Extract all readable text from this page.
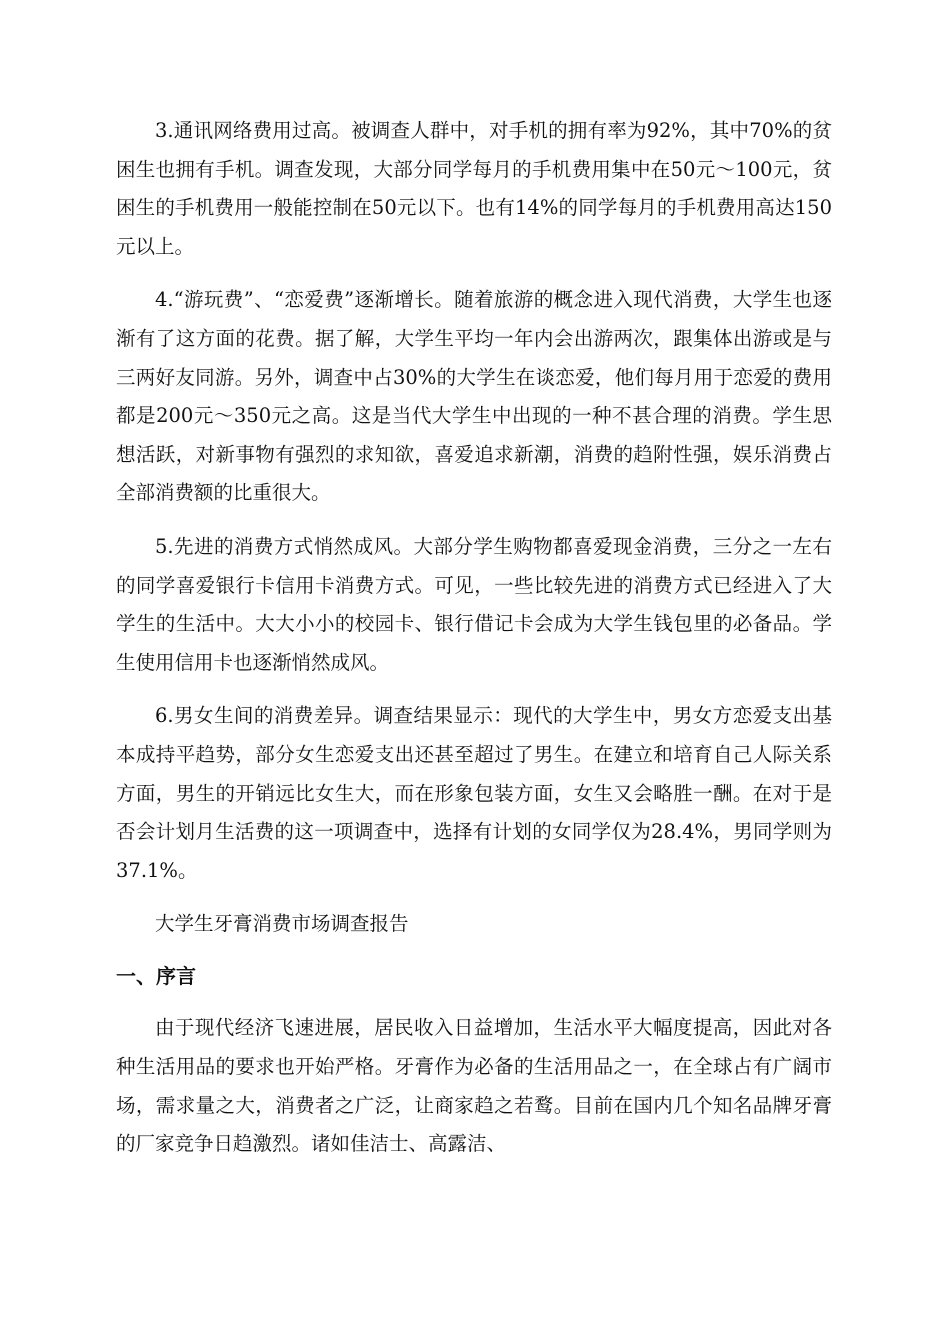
3.通讯网络费用过高。被调查人群中，对手机的拥有率为92%，其中70%的贫困生也拥有手机。调查发现，大部分同学每月的手机费用集中在50元～100元，贫困生的手机费用一般能控制在50元以下。也有14%的同学每月的手机费用高达150元以上。

4.“游玩费”、“恋爱费”逐渐增长。随着旅游的概念进入现代消费，大学生也逐渐有了这方面的花费。据了解，大学生平均一年内会出游两次，跟集体出游或是与三两好友同游。另外，调查中占30%的大学生在谈恋爱，他们每月用于恋爱的费用都是200元～350元之高。这是当代大学生中出现的一种不甚合理的消费。学生思想活跃，对新事物有强烈的求知欲，喜爱追求新潮，消费的趋附性强，娱乐消费占全部消费额的比重很大。

5.先进的消费方式悄然成风。大部分学生购物都喜爱现金消费，三分之一左右的同学喜爱银行卡信用卡消费方式。可见，一些比较先进的消费方式已经进入了大学生的生活中。大大小小的校园卡、银行借记卡会成为大学生钱包里的必备品。学生使用信用卡也逐渐悄然成风。

6.男女生间的消费差异。调查结果显示：现代的大学生中，男女方恋爱支出基本成持平趋势，部分女生恋爱支出还甚至超过了男生。在建立和培育自己人际关系方面，男生的开销远比女生大，而在形象包装方面，女生又会略胜一酬。在对于是否会计划月生活费的这一项调查中，选择有计划的女同学仅为28.4%，男同学则为37.1%。

大学生牙膏消费市场调查报告

一、序言

由于现代经济飞速进展，居民收入日益增加，生活水平大幅度提高，因此对各种生活用品的要求也开始严格。牙膏作为必备的生活用品之一，在全球占有广阔市场，需求量之大，消费者之广泛，让商家趋之若鹜。目前在国内几个知名品牌牙膏的厂家竞争日趋激烈。诸如佳洁士、高露洁、
